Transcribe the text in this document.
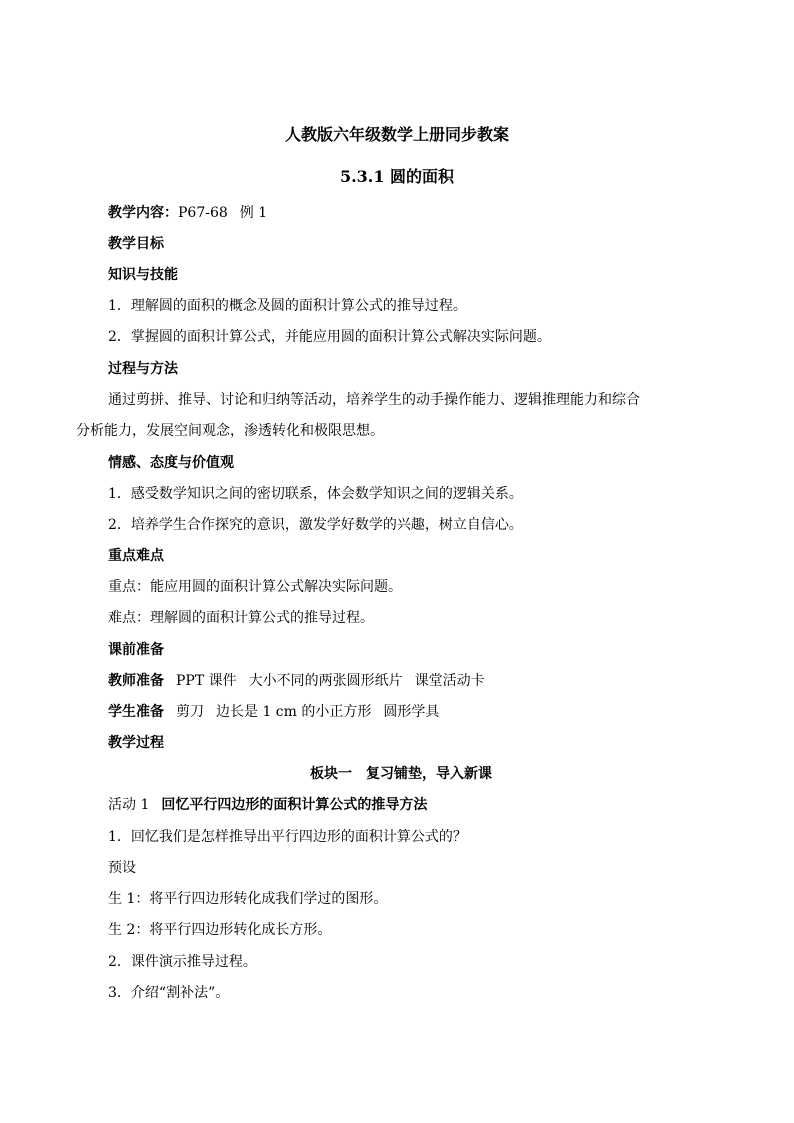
人教版六年级数学上册同步教案
5.3.1 圆的面积
教学内容：P67-68 例 1
教学目标
知识与技能
1．理解圆的面积的概念及圆的面积计算公式的推导过程。
2．掌握圆的面积计算公式，并能应用圆的面积计算公式解决实际问题。
过程与方法
通过剪拼、推导、讨论和归纳等活动，培养学生的动手操作能力、逻辑推理能力和综合
分析能力，发展空间观念，渗透转化和极限思想。
情感、态度与价值观
1．感受数学知识之间的密切联系，体会数学知识之间的逻辑关系。
2．培养学生合作探究的意识，激发学好数学的兴趣，树立自信心。
重点难点
重点：能应用圆的面积计算公式解决实际问题。
难点：理解圆的面积计算公式的推导过程。
课前准备
教师准备 PPT 课件 大小不同的两张圆形纸片 课堂活动卡
学生准备 剪刀 边长是 1 cm 的小正方形 圆形学具
教学过程
板块一　复习铺垫，导入新课
活动 1 回忆平行四边形的面积计算公式的推导方法
1．回忆我们是怎样推导出平行四边形的面积计算公式的？
预设
生 1：将平行四边形转化成我们学过的图形。
生 2：将平行四边形转化成长方形。
2．课件演示推导过程。
3．介绍“割补法”。
